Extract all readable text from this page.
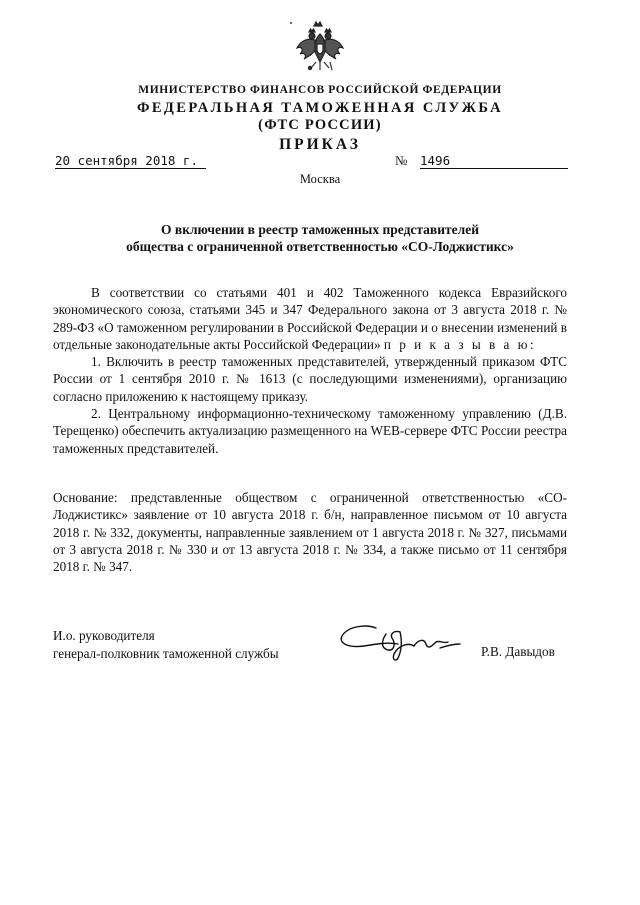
МИНИСТЕРСТВО ФИНАНСОВ РОССИЙСКОЙ ФЕДЕРАЦИИ
ФЕДЕРАЛЬНАЯ ТАМОЖЕННАЯ СЛУЖБА
(ФТС РОССИИ)
ПРИКАЗ
20 сентября 2018 г.	№ 1496
Москва
О включении в реестр таможенных представителей
общества с ограниченной ответственностью «СО-Лоджистикс»

В соответствии со статьями 401 и 402 Таможенного кодекса Евразийского экономического союза, статьями 345 и 347 Федерального закона от 3 августа 2018 г. № 289-ФЗ «О таможенном регулировании в Российской Федерации и о внесении изменений в отдельные законодательные акты Российской Федерации» п р и к а з ы в а ю:

1. Включить в реестр таможенных представителей, утвержденный приказом ФТС России от 1 сентября 2010 г. № 1613 (с последующими изменениями), организацию согласно приложению к настоящему приказу.

2. Центральному информационно-техническому таможенному управлению (Д.В. Терещенко) обеспечить актуализацию размещенного на WEB-сервере ФТС России реестра таможенных представителей.

Основание: представленные обществом с ограниченной ответственностью «СО-Лоджистикс» заявление от 10 августа 2018 г. б/н, направленное письмом от 10 августа 2018 г. № 332, документы, направленные заявлением от 1 августа 2018 г. № 327, письмами от 3 августа 2018 г. № 330 и от 13 августа 2018 г. № 334, а также письмо от 11 сентября 2018 г. № 347.

И.о. руководителя
генерал-полковник таможенной службы	Р.В. Давыдов
